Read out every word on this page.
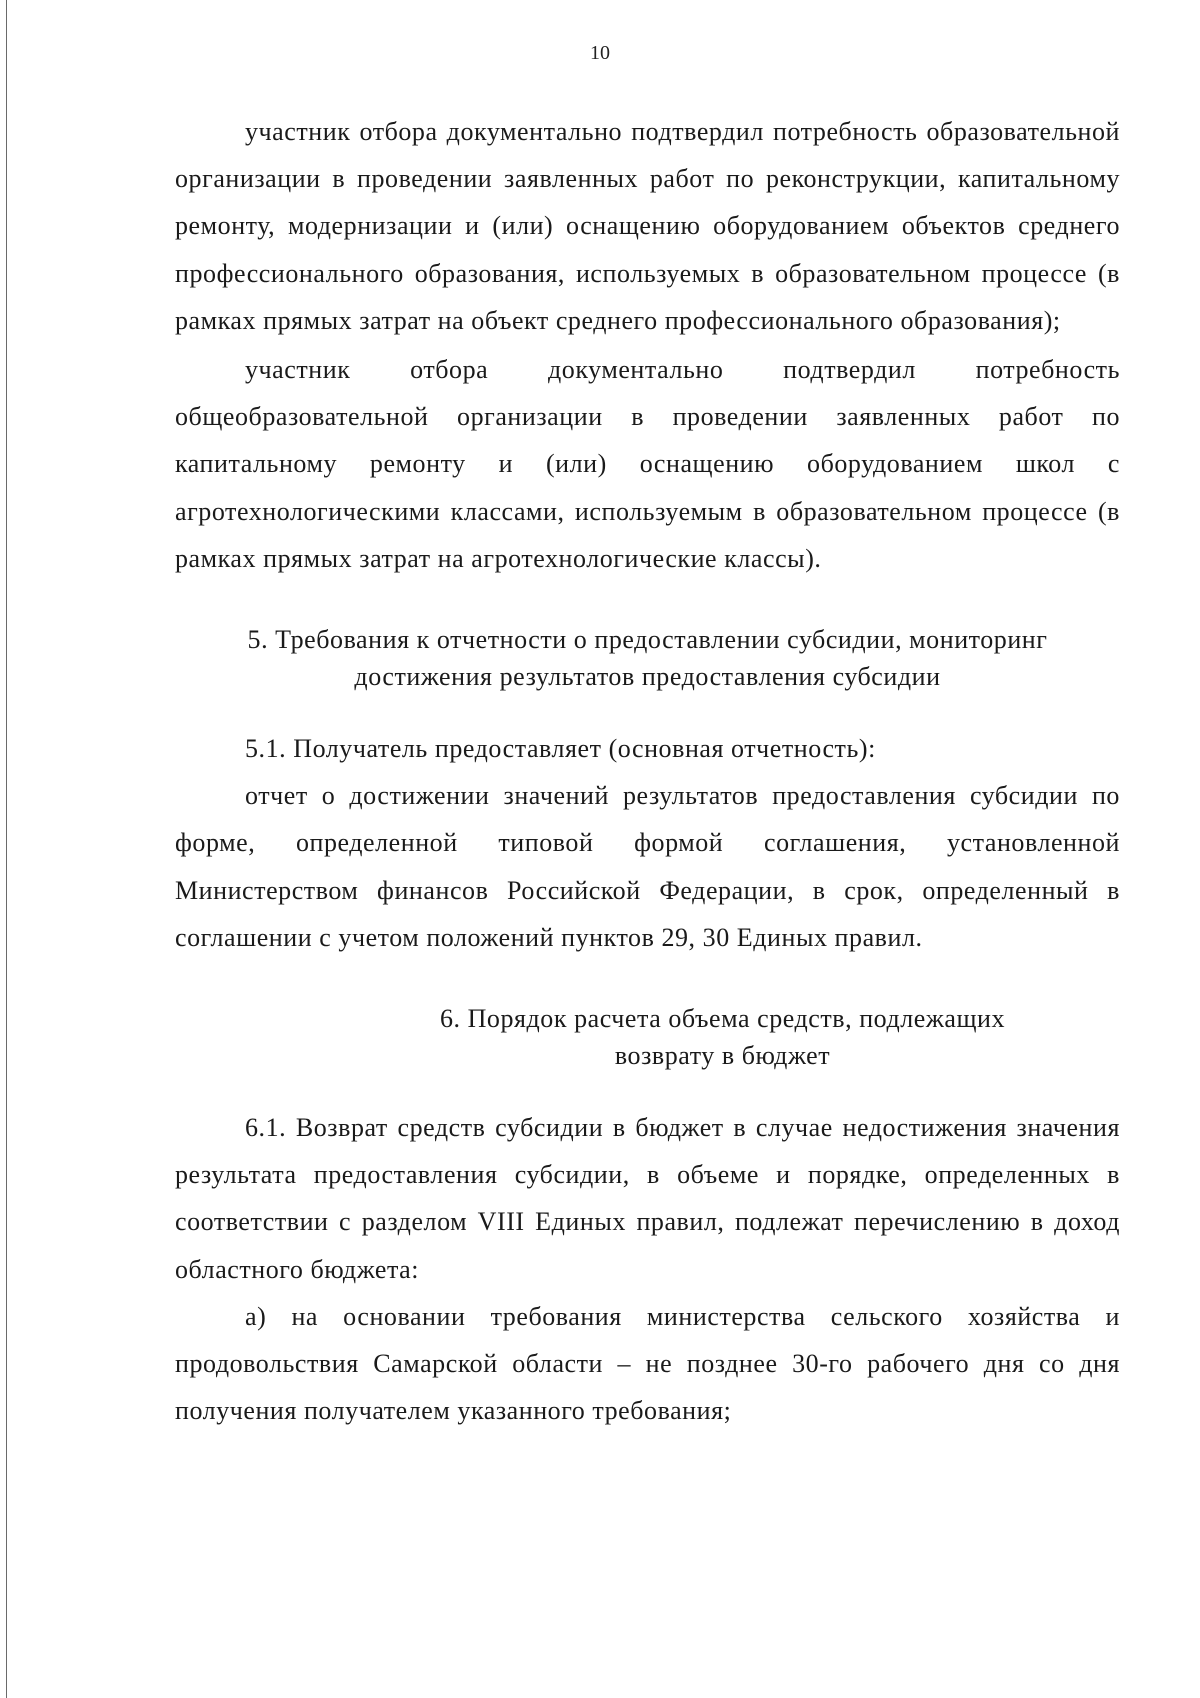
10

участник отбора документально подтвердил потребность образовательной организации в проведении заявленных работ по реконструкции, капитальному ремонту, модернизации и (или) оснащению оборудованием объектов среднего профессионального образования, используемых в образовательном процессе (в рамках прямых затрат на объект среднего профессионального образования);

участник отбора документально подтвердил потребность общеобразовательной организации в проведении заявленных работ по капитальному ремонту и (или) оснащению оборудованием школ с агротехнологическими классами, используемым в образовательном процессе (в рамках прямых затрат на агротехнологические классы).

5. Требования к отчетности о предоставлении субсидии, мониторинг

достижения результатов предоставления субсидии

5.1. Получатель предоставляет (основная отчетность):

отчет о достижении значений результатов предоставления субсидии по форме, определенной типовой формой соглашения, установленной Министерством финансов Российской Федерации, в срок, определенный в соглашении с учетом положений пунктов 29, 30 Единых правил.

6. Порядок расчета объема средств, подлежащих

возврату в бюджет

6.1. Возврат средств субсидии в бюджет в случае недостижения значения результата предоставления субсидии, в объеме и порядке, определенных в соответствии с разделом VIII Единых правил, подлежат перечислению в доход областного бюджета:

а) на основании требования министерства сельского хозяйства и продовольствия Самарской области – не позднее 30-го рабочего дня со дня получения получателем указанного требования;
